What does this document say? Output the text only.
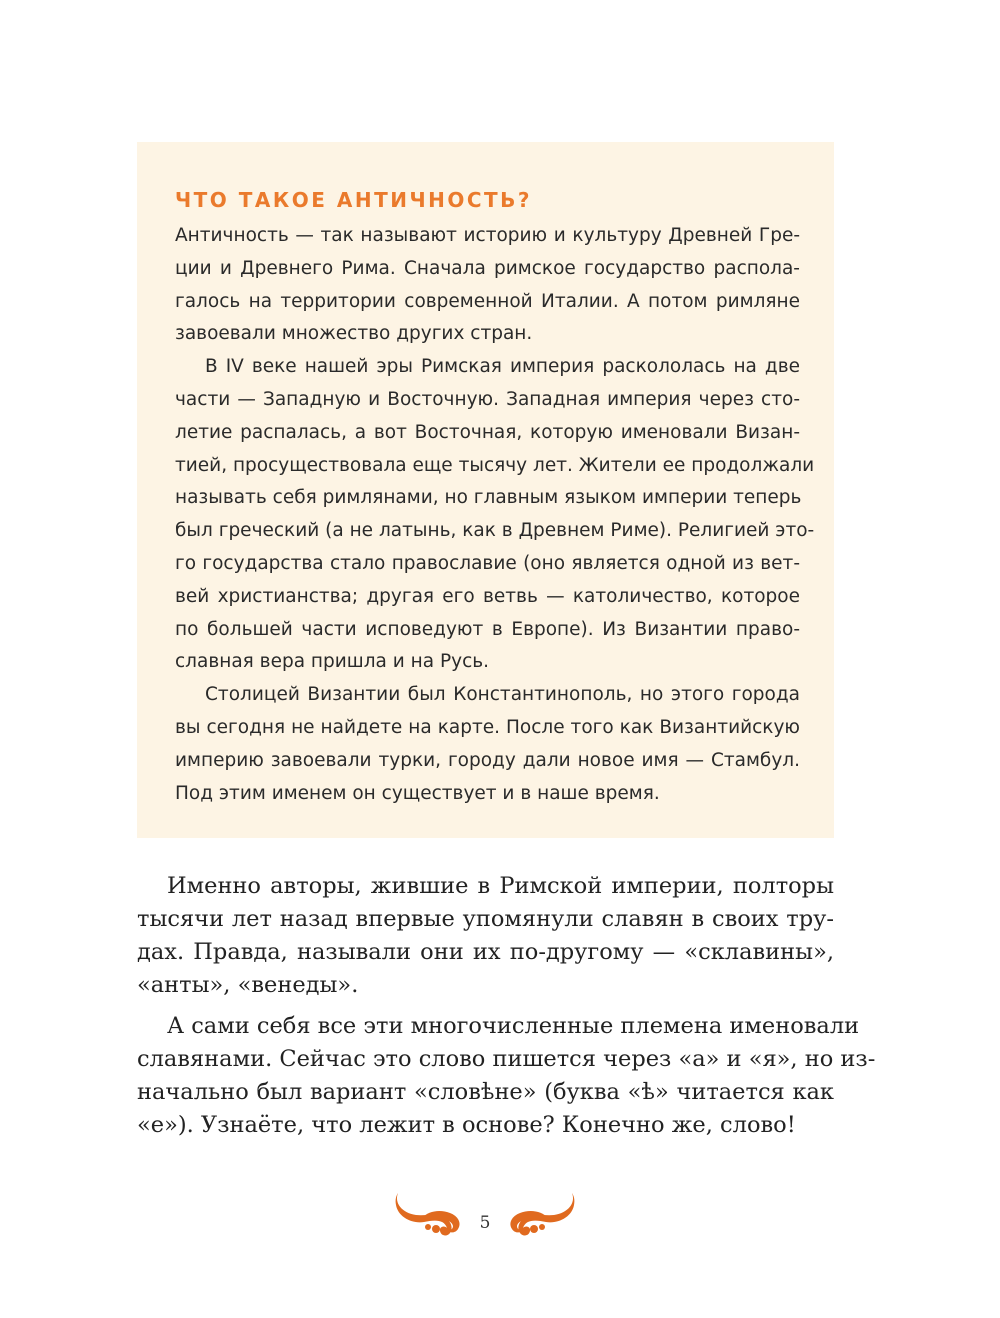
ЧТО ТАКОЕ АНТИЧНОСТЬ?
Античность — так называют историю и культуру Древней Гре-
ции и Древнего Рима. Сначала римское государство распола-
галось на территории современной Италии. А потом римляне
завоевали множество других стран.
В IV веке нашей эры Римская империя раскололась на две
части — Западную и Восточную. Западная империя через сто-
летие распалась, а вот Восточная, которую именовали Визан-
тией, просуществовала еще тысячу лет. Жители ее продолжали
называть себя римлянами, но главным языком империи теперь
был греческий (а не латынь, как в Древнем Риме). Религией это-
го государства стало православие (оно является одной из вет-
вей христианства; другая его ветвь — католичество, которое
по большей части исповедуют в Европе). Из Византии право-
славная вера пришла и на Русь.
Столицей Византии был Константинополь, но этого города
вы сегодня не найдете на карте. После того как Византийскую
империю завоевали турки, городу дали новое имя — Стамбул.
Под этим именем он существует и в наше время.
Именно авторы, жившие в Римской империи, полторы
тысячи лет назад впервые упомянули славян в своих тру-
дах. Правда, называли они их по-другому — «склавины»,
«анты», «венеды».
А сами себя все эти многочисленные племена именовали
славянами. Сейчас это слово пишется через «а» и «я», но из-
начально был вариант «словѣне» (буква «ѣ» читается как
«е»). Узнаёте, что лежит в основе? Конечно же, слово!
5
